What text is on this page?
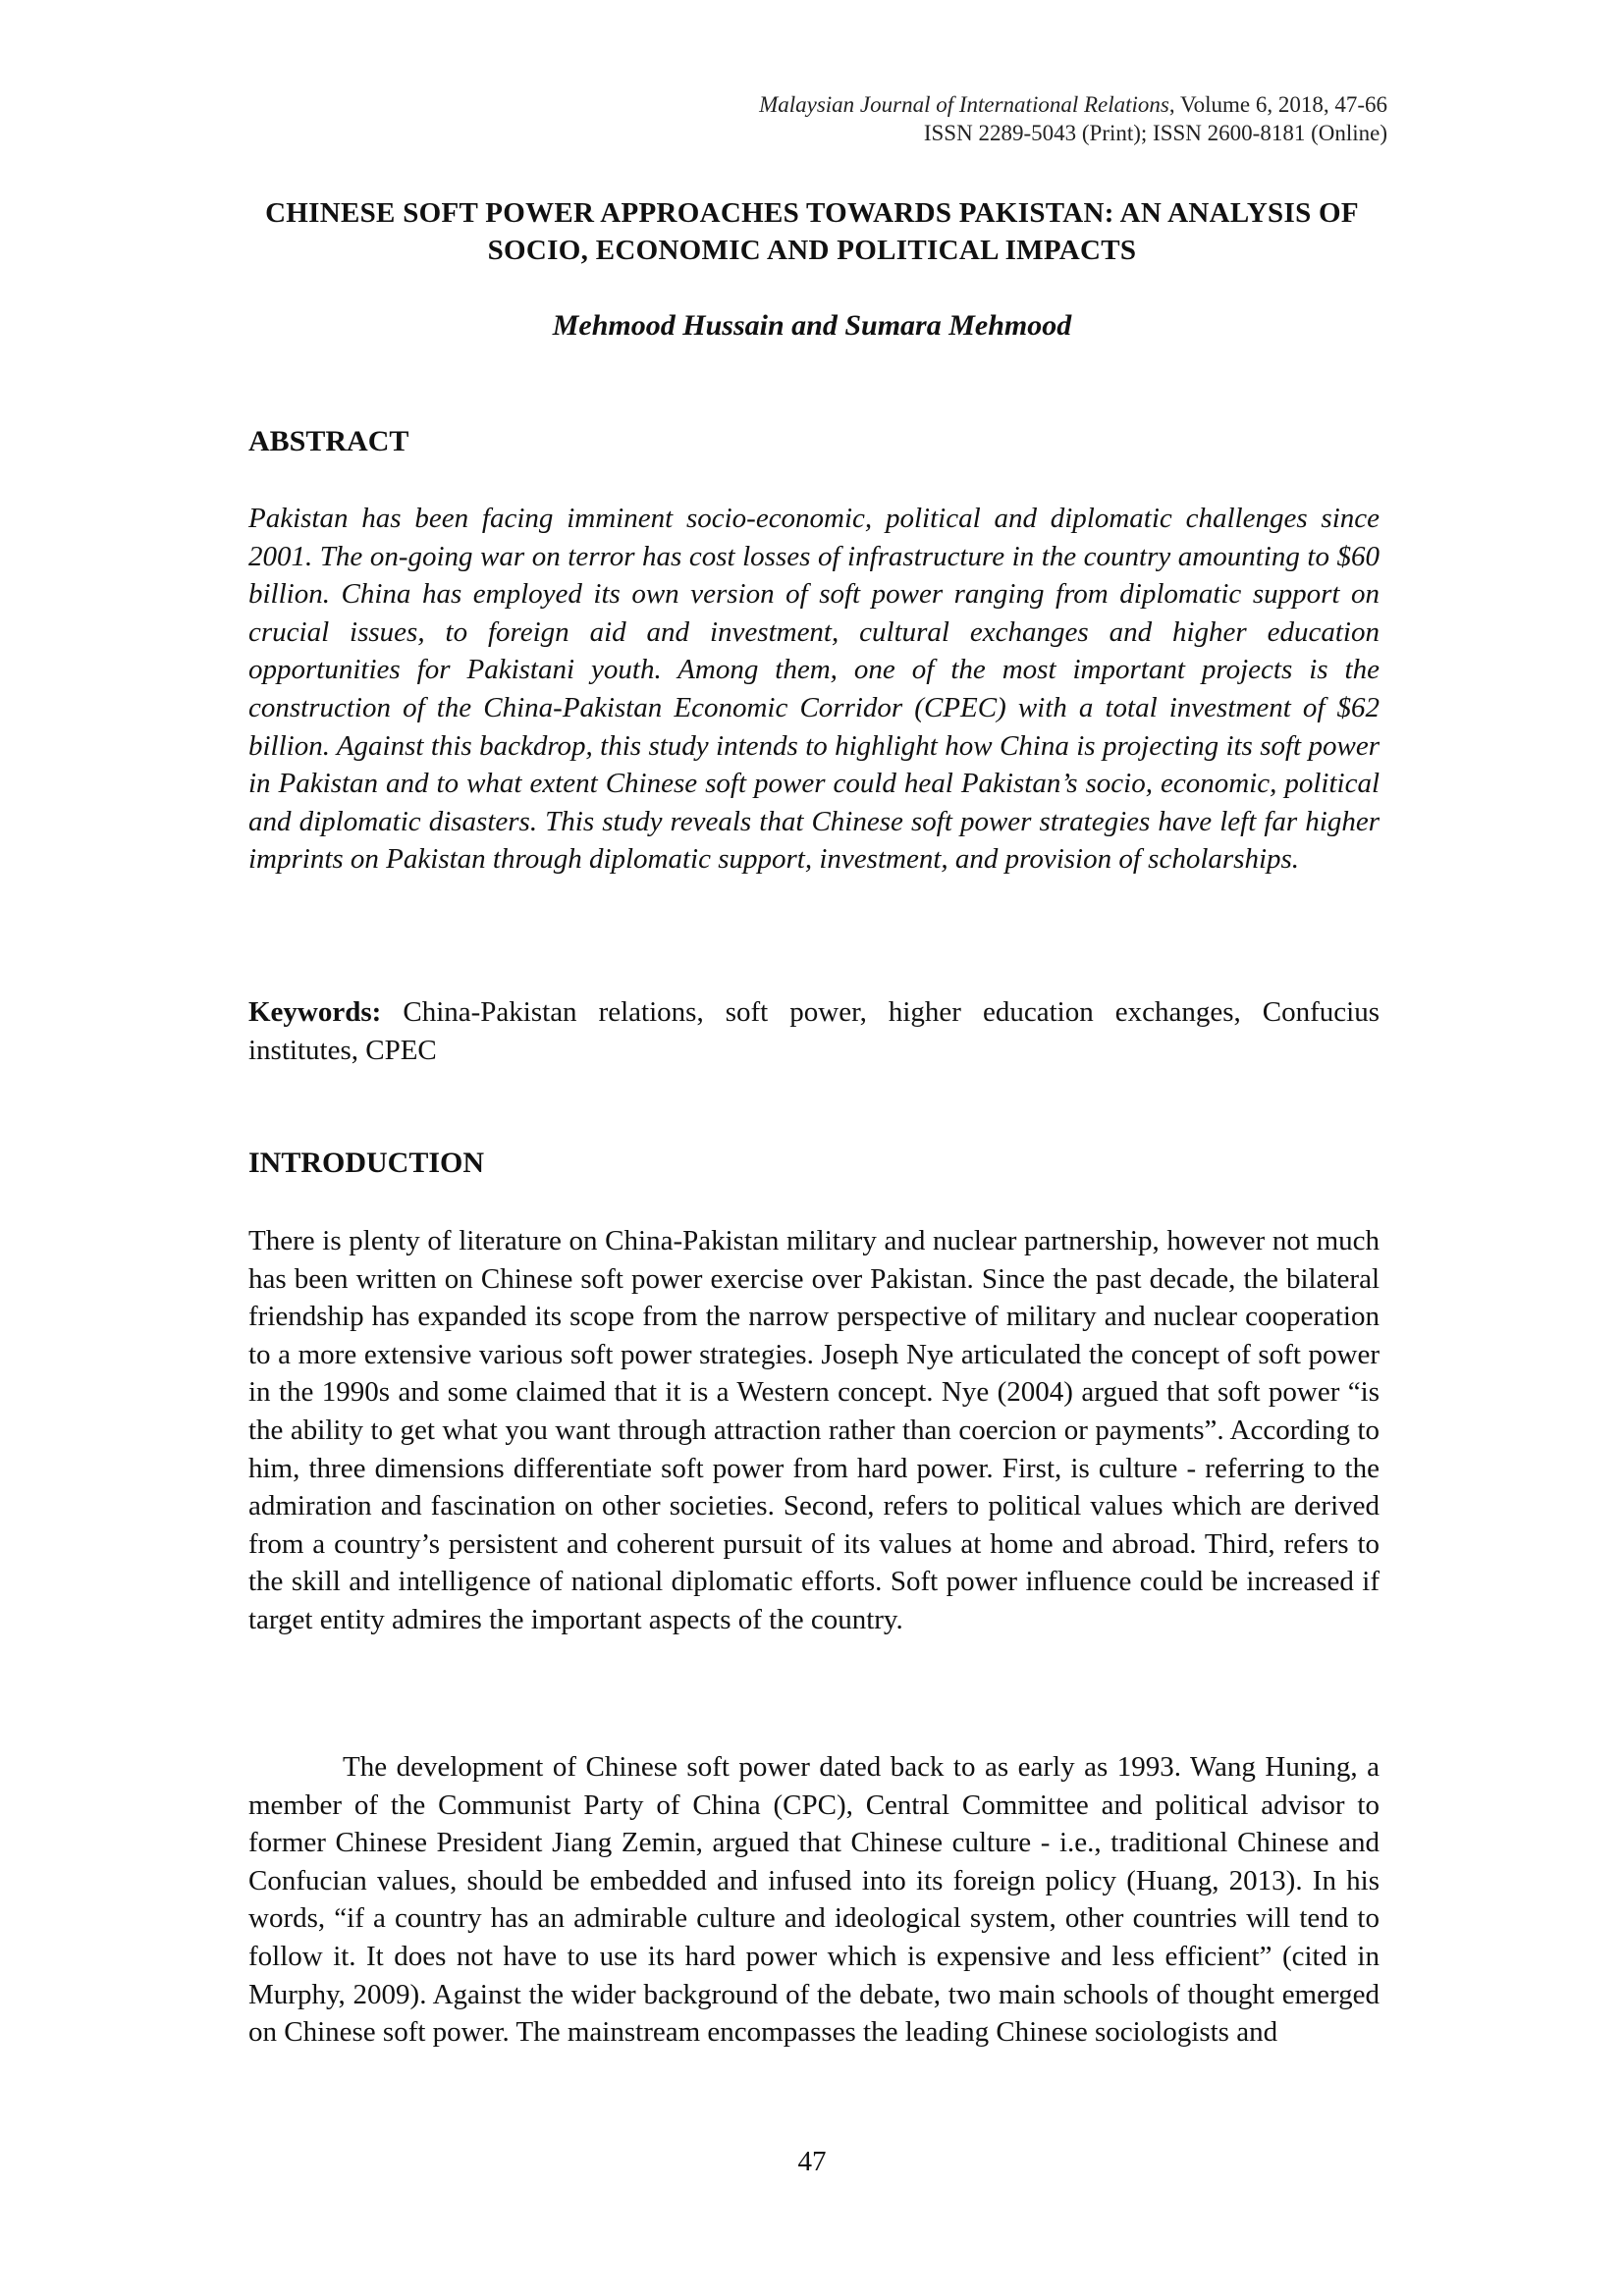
Malaysian Journal of International Relations, Volume 6, 2018, 47-66
ISSN 2289-5043 (Print); ISSN 2600-8181 (Online)
CHINESE SOFT POWER APPROACHES TOWARDS PAKISTAN: AN ANALYSIS OF SOCIO, ECONOMIC AND POLITICAL IMPACTS
Mehmood Hussain and Sumara Mehmood
ABSTRACT
Pakistan has been facing imminent socio-economic, political and diplomatic challenges since 2001. The on-going war on terror has cost losses of infrastructure in the country amounting to $60 billion. China has employed its own version of soft power ranging from diplomatic support on crucial issues, to foreign aid and investment, cultural exchanges and higher education opportunities for Pakistani youth. Among them, one of the most important projects is the construction of the China-Pakistan Economic Corridor (CPEC) with a total investment of $62 billion. Against this backdrop, this study intends to highlight how China is projecting its soft power in Pakistan and to what extent Chinese soft power could heal Pakistan’s socio, economic, political and diplomatic disasters. This study reveals that Chinese soft power strategies have left far higher imprints on Pakistan through diplomatic support, investment, and provision of scholarships.
Keywords: China-Pakistan relations, soft power, higher education exchanges, Confucius institutes, CPEC
INTRODUCTION
There is plenty of literature on China-Pakistan military and nuclear partnership, however not much has been written on Chinese soft power exercise over Pakistan. Since the past decade, the bilateral friendship has expanded its scope from the narrow perspective of military and nuclear cooperation to a more extensive various soft power strategies. Joseph Nye articulated the concept of soft power in the 1990s and some claimed that it is a Western concept. Nye (2004) argued that soft power “is the ability to get what you want through attraction rather than coercion or payments”. According to him, three dimensions differentiate soft power from hard power. First, is culture - referring to the admiration and fascination on other societies. Second, refers to political values which are derived from a country’s persistent and coherent pursuit of its values at home and abroad. Third, refers to the skill and intelligence of national diplomatic efforts. Soft power influence could be increased if target entity admires the important aspects of the country.
The development of Chinese soft power dated back to as early as 1993. Wang Huning, a member of the Communist Party of China (CPC), Central Committee and political advisor to former Chinese President Jiang Zemin, argued that Chinese culture - i.e., traditional Chinese and Confucian values, should be embedded and infused into its foreign policy (Huang, 2013). In his words, “if a country has an admirable culture and ideological system, other countries will tend to follow it. It does not have to use its hard power which is expensive and less efficient” (cited in Murphy, 2009). Against the wider background of the debate, two main schools of thought emerged on Chinese soft power. The mainstream encompasses the leading Chinese sociologists and
47
